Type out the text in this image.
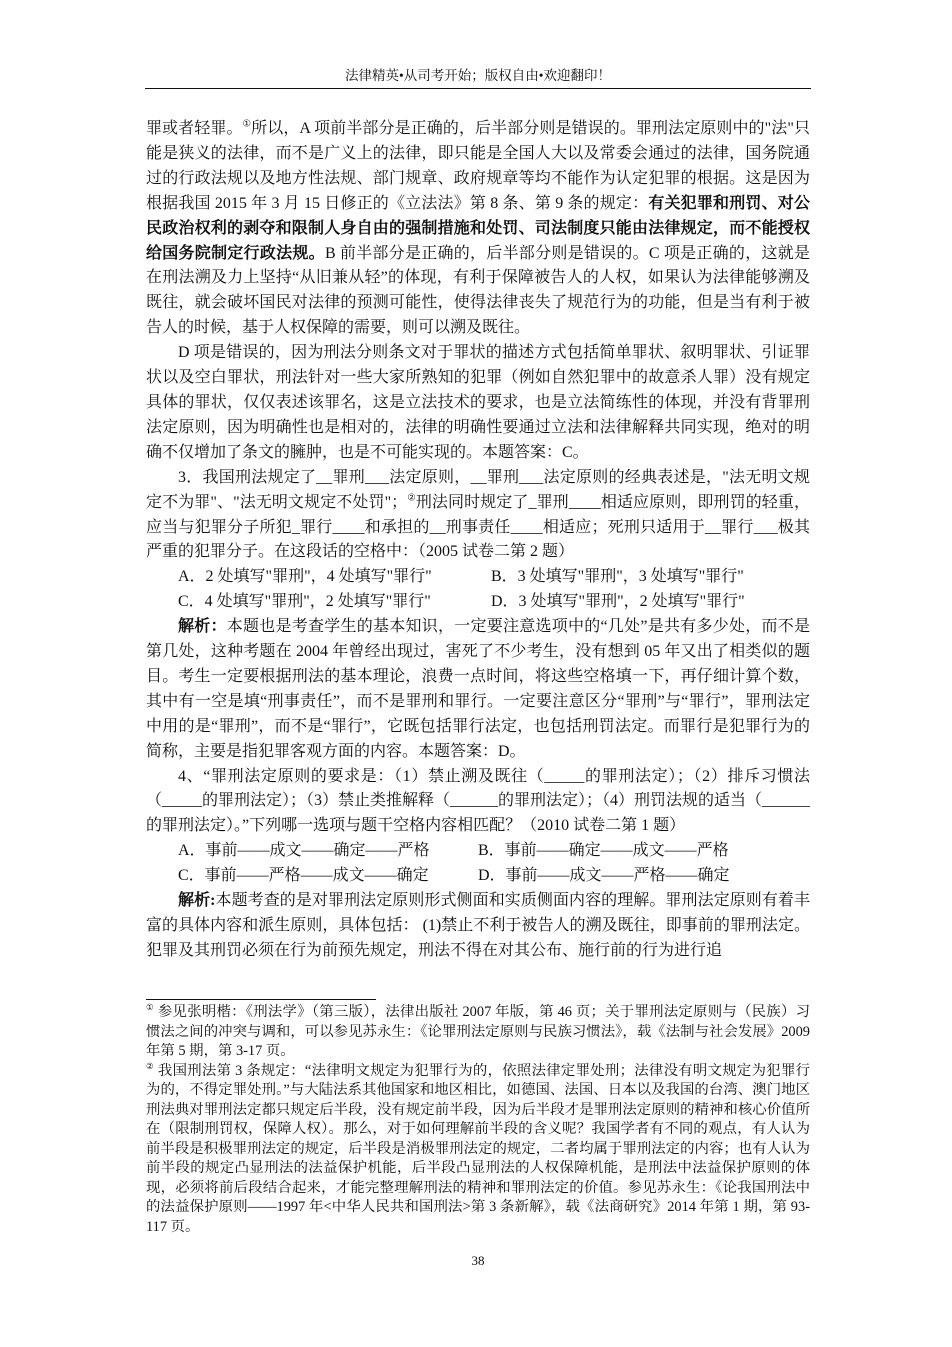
法律精英•从司考开始；版权自由•欢迎翻印！

罪或者轻罪。①所以，A 项前半部分是正确的，后半部分则是错误的。罪刑法定原则中的"法"只能是狭义的法律，而不是广义上的法律，即只能是全国人大以及常委会通过的法律，国务院通过的行政法规以及地方性法规、部门规章、政府规章等均不能作为认定犯罪的根据。这是因为根据我国 2015 年 3 月 15 日修正的《立法法》第 8 条、第 9 条的规定：有关犯罪和刑罚、对公民政治权利的剥夺和限制人身自由的强制措施和处罚、司法制度只能由法律规定，而不能授权给国务院制定行政法规。B 前半部分是正确的，后半部分则是错误的。C 项是正确的，这就是在刑法溯及力上坚持“从旧兼从轻”的体现，有利于保障被告人的人权，如果认为法律能够溯及既往，就会破坏国民对法律的预测可能性，使得法律丧失了规范行为的功能，但是当有利于被告人的时候，基于人权保障的需要，则可以溯及既往。

D 项是错误的，因为刑法分则条文对于罪状的描述方式包括简单罪状、叙明罪状、引证罪状以及空白罪状，刑法针对一些大家所熟知的犯罪（例如自然犯罪中的故意杀人罪）没有规定具体的罪状，仅仅表述该罪名，这是立法技术的要求，也是立法简练性的体现，并没有背罪刑法定原则，因为明确性也是相对的，法律的明确性要通过立法和法律解释共同实现，绝对的明确不仅增加了条文的臃肿，也是不可能实现的。本题答案：C。

3．我国刑法规定了__罪刑___法定原则，__罪刑___法定原则的经典表述是，"法无明文规定不为罪"、"法无明文规定不处罚"；②刑法同时规定了_罪刑____相适应原则，即刑罚的轻重，应当与犯罪分子所犯_罪行____和承担的__刑事责任____相适应；死刑只适用于__罪行___极其严重的犯罪分子。在这段话的空格中：（2005 试卷二第 2 题）

A．2 处填写"罪刑"，4 处填写"罪行"	B．3 处填写"罪刑"，3 处填写"罪行"
C．4 处填写"罪刑"，2 处填写"罪行"	D．3 处填写"罪刑"，2 处填写"罪行"

解析：本题也是考查学生的基本知识，一定要注意选项中的“几处”是共有多少处，而不是第几处，这种考题在 2004 年曾经出现过，害死了不少考生，没有想到 05 年又出了相类似的题目。考生一定要根据刑法的基本理论，浪费一点时间，将这些空格填一下，再仔细计算个数，其中有一空是填“刑事责任”，而不是罪刑和罪行。一定要注意区分“罪刑”与“罪行”，罪刑法定中用的是“罪刑”，而不是“罪行”，它既包括罪行法定，也包括刑罚法定。而罪行是犯罪行为的简称，主要是指犯罪客观方面的内容。本题答案：D。

4、“罪刑法定原则的要求是：（1）禁止溯及既往（_____的罪刑法定）；（2）排斥习惯法（_____的罪刑法定）；（3）禁止类推解释（______的罪刑法定）；（4）刑罚法规的适当（______的罪刑法定）。”下列哪一选项与题干空格内容相匹配？（2010 试卷二第 1 题）

A．事前——成文——确定——严格	B．事前——确定——成文——严格
C．事前——严格——成文——确定	D．事前——成文——严格——确定

解析:本题考查的是对罪刑法定原则形式侧面和实质侧面内容的理解。罪刑法定原则有着丰富的具体内容和派生原则，具体包括： (1)禁止不利于被告人的溯及既往，即事前的罪刑法定。犯罪及其刑罚必须在行为前预先规定，刑法不得在对其公布、施行前的行为进行追

① 参见张明楷：《刑法学》（第三版），法律出版社 2007 年版，第 46 页；关于罪刑法定原则与（民族）习惯法之间的冲突与调和，可以参见苏永生：《论罪刑法定原则与民族习惯法》，载《法制与社会发展》2009 年第 5 期，第 3-17 页。

② 我国刑法第 3 条规定：“法律明文规定为犯罪行为的，依照法律定罪处刑；法律没有明文规定为犯罪行为的，不得定罪处刑。”与大陆法系其他国家和地区相比，如德国、法国、日本以及我国的台湾、澳门地区刑法典对罪刑法定都只规定后半段，没有规定前半段，因为后半段才是罪刑法定原则的精神和核心价值所在（限制刑罚权，保障人权）。那么，对于如何理解前半段的含义呢？我国学者有不同的观点，有人认为前半段是积极罪刑法定的规定，后半段是消极罪刑法定的规定，二者均属于罪刑法定的内容；也有人认为前半段的规定凸显刑法的法益保护机能，后半段凸显刑法的人权保障机能，是刑法中法益保护原则的体现，必须将前后段结合起来，才能完整理解刑法的精神和罪刑法定的价值。参见苏永生：《论我国刑法中的法益保护原则——1997 年<中华人民共和国刑法>第 3 条新解》，载《法商研究》2014 年第 1 期，第 93-117 页。

38
